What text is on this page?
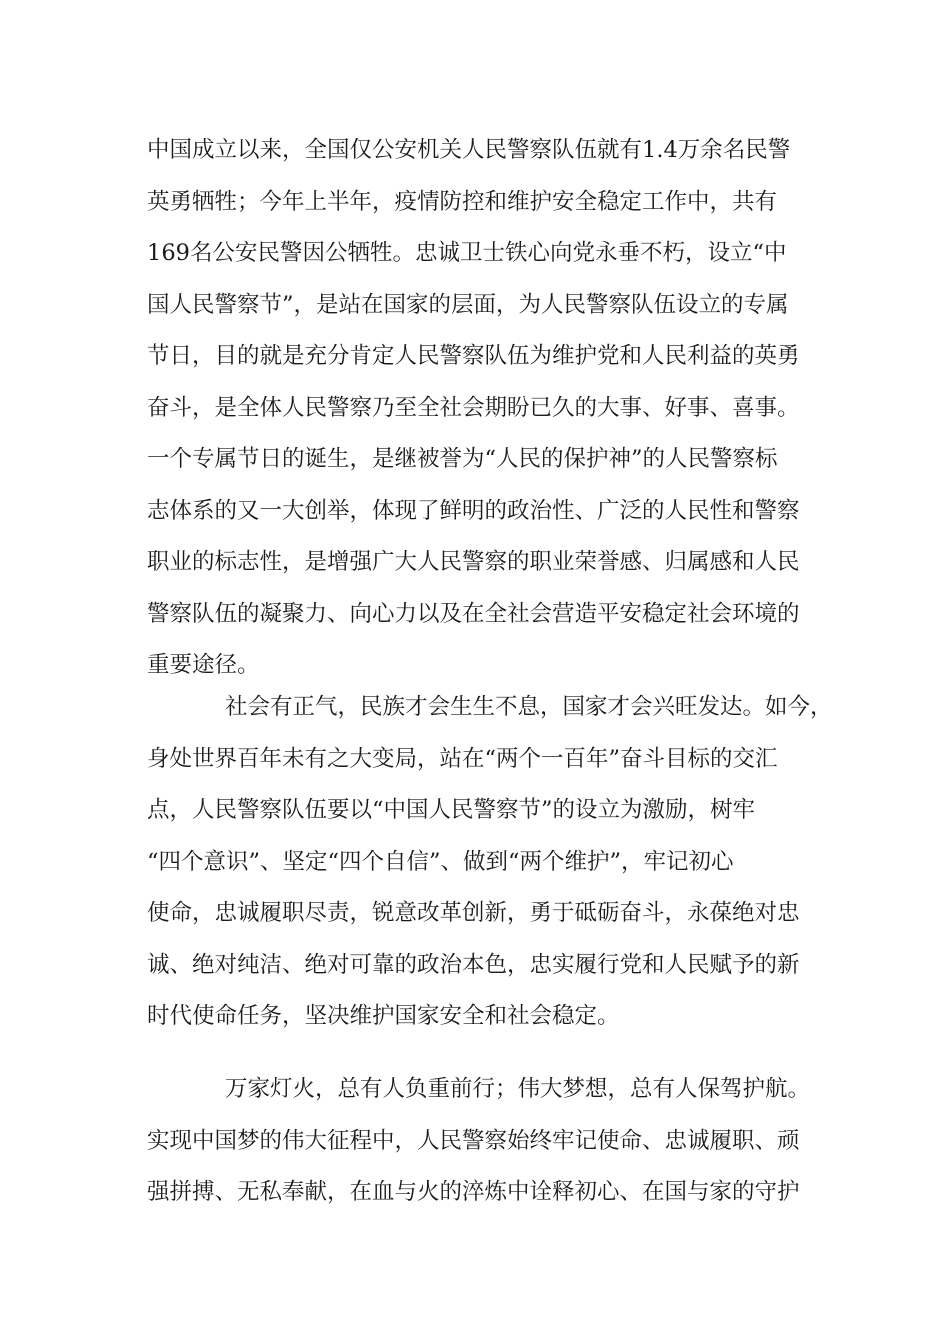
中国成立以来，全国仅公安机关人民警察队伍就有1.4万余名民警
英勇牺牲；今年上半年，疫情防控和维护安全稳定工作中，共有
169名公安民警因公牺牲。忠诚卫士铁心向党永垂不朽，设立“中
国人民警察节”，是站在国家的层面，为人民警察队伍设立的专属
节日，目的就是充分肯定人民警察队伍为维护党和人民利益的英勇
奋斗，是全体人民警察乃至全社会期盼已久的大事、好事、喜事。
一个专属节日的诞生，是继被誉为“人民的保护神”的人民警察标
志体系的又一大创举，体现了鲜明的政治性、广泛的人民性和警察
职业的标志性，是增强广大人民警察的职业荣誉感、归属感和人民
警察队伍的凝聚力、向心力以及在全社会营造平安稳定社会环境的
重要途径。
社会有正气，民族才会生生不息，国家才会兴旺发达。如今，
身处世界百年未有之大变局，站在“两个一百年”奋斗目标的交汇
点，人民警察队伍要以“中国人民警察节”的设立为激励，树牢
“四个意识”、坚定“四个自信”、做到“两个维护”，牢记初心
使命，忠诚履职尽责，锐意改革创新，勇于砥砺奋斗，永葆绝对忠
诚、绝对纯洁、绝对可靠的政治本色，忠实履行党和人民赋予的新
时代使命任务，坚决维护国家安全和社会稳定。
万家灯火，总有人负重前行；伟大梦想，总有人保驾护航。
实现中国梦的伟大征程中，人民警察始终牢记使命、忠诚履职、顽
强拼搏、无私奉献，在血与火的淬炼中诠释初心、在国与家的守护
